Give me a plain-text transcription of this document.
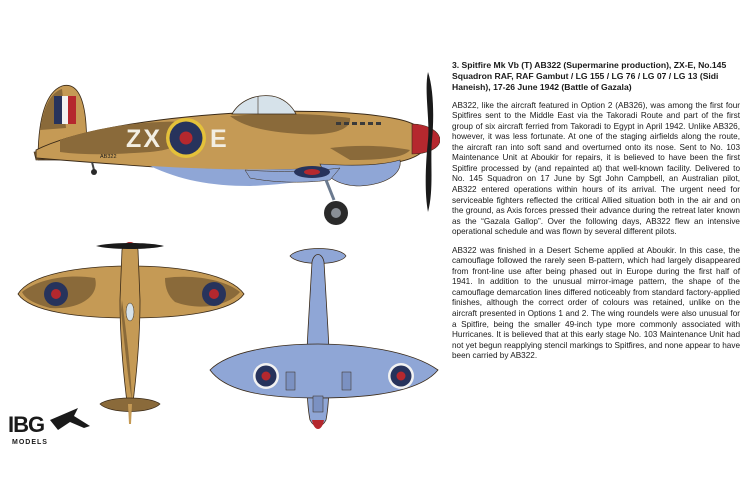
ZX E
AB322
IBG
MODELS

3. Spitfire Mk Vb (T) AB322 (Supermarine production), ZX-E, No.145 Squadron RAF, RAF Gambut / LG 155 / LG 76 / LG 07 / LG 13 (Sidi Haneish), 17-26 June 1942 (Battle of Gazala)

AB322, like the aircraft featured in Option 2 (AB326), was among the first four Spitfires sent to the Middle East via the Takoradi Route and part of the first group of six aircraft ferried from Takoradi to Egypt in April 1942. Unlike AB326, however, it was less fortunate. At one of the staging airfields along the route, the aircraft ran into soft sand and overturned onto its nose. Sent to No. 103 Maintenance Unit at Aboukir for repairs, it is believed to have been the first Spitfire processed by (and repainted at) that well-known facility. Delivered to No. 145 Squadron on 17 June by Sgt John Campbell, an Australian pilot, AB322 entered operations within hours of its arrival. The urgent need for serviceable fighters reflected the critical Allied situation both in the air and on the ground, as Axis forces pressed their advance during the retreat later known as the “Gazala Gallop”. Over the following days, AB322 flew an intensive operational schedule and was flown by several different pilots.

AB322 was finished in a Desert Scheme applied at Aboukir. In this case, the camouflage followed the rarely seen B-pattern, which had largely disappeared from front-line use after being phased out in Europe during the first half of 1941. In addition to the unusual mirror-image pattern, the shape of the camouflage demarcation lines differed noticeably from standard factory-applied finishes, although the correct order of colours was retained, unlike on the aircraft presented in Options 1 and 2. The wing roundels were also unusual for a Spitfire, being the smaller 49-inch type more commonly associated with Hurricanes. It is believed that at this early stage No. 103 Maintenance Unit had not yet begun reapplying stencil markings to Spitfires, and none appear to have been carried by AB322.
